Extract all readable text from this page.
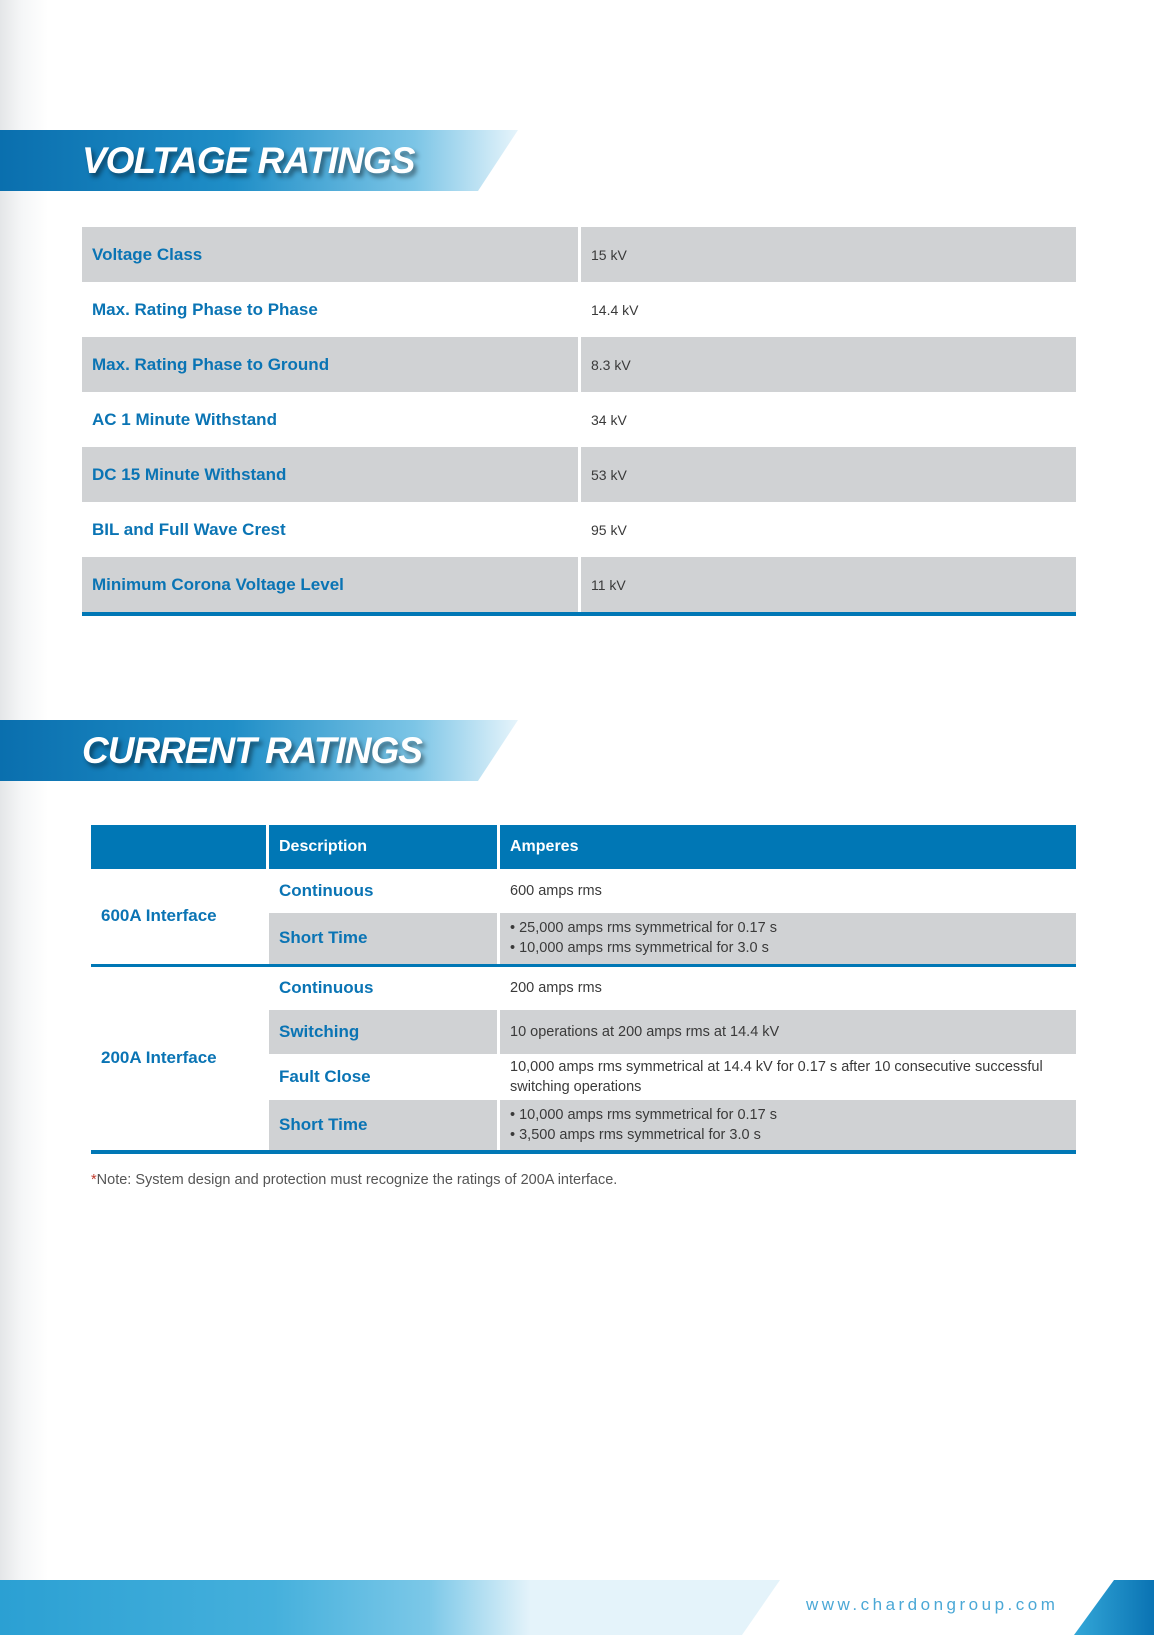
VOLTAGE RATINGS
Voltage Class	15 kV
Max. Rating Phase to Phase	14.4 kV
Max. Rating Phase to Ground	8.3 kV
AC 1 Minute Withstand	34 kV
DC 15 Minute Withstand	53 kV
BIL and Full Wave Crest	95 kV
Minimum Corona Voltage Level	11 kV
CURRENT RATINGS
	Description	Amperes
600A Interface	Continuous	600 amps rms

	Short Time	• 25,000 amps rms symmetrical for 0.17 s
• 10,000 amps rms symmetrical for 3.0 s

200A Interface	Continuous	200 amps rms

	Switching	10 operations at 200 amps rms at 14.4 kV

	Fault Close	10,000 amps rms symmetrical at 14.4 kV for 0.17 s after 10 consecutive successful switching operations

	Short Time	• 10,000 amps rms symmetrical for 0.17 s
• 3,500 amps rms symmetrical for 3.0 s
*Note: System design and protection must recognize the ratings of 200A interface.
www.chardongroup.com
